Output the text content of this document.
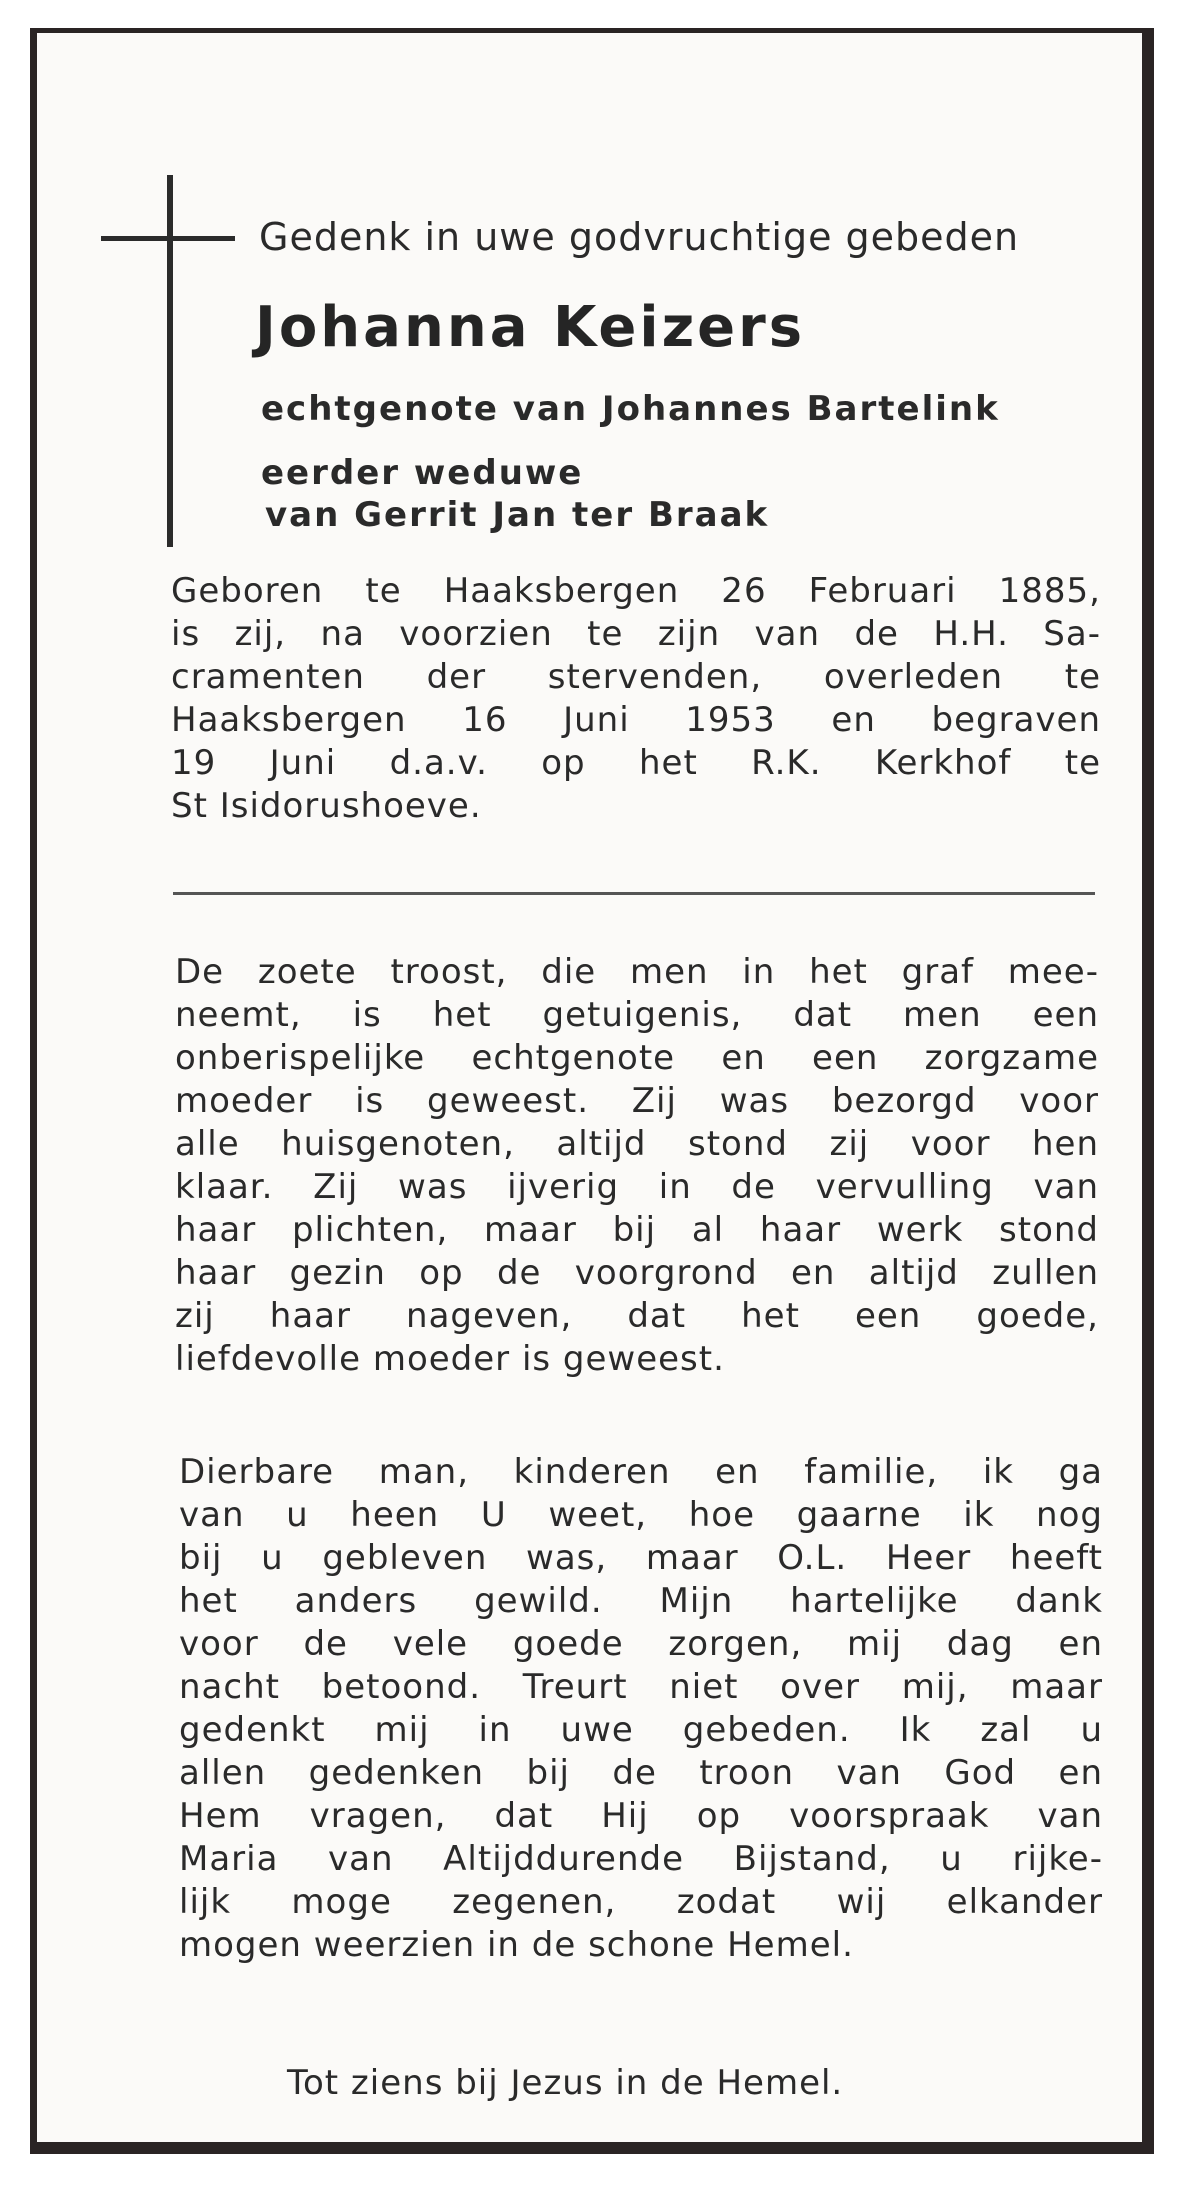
Gedenk in uwe godvruchtige gebeden

Johanna Keizers

echtgenote van Johannes Bartelink

eerder weduwe

van Gerrit Jan ter Braak

Geboren te Haaksbergen 26 Februari 1885,
is zij, na voorzien te zijn van de H.H. Sa-
cramenten der stervenden, overleden te
Haaksbergen 16 Juni 1953 en begraven
19 Juni d.a.v. op het R.K. Kerkhof te
St Isidorushoeve.
De zoete troost, die men in het graf mee-
neemt, is het getuigenis, dat men een
onberispelijke echtgenote en een zorgzame
moeder is geweest. Zij was bezorgd voor
alle huisgenoten, altijd stond zij voor hen
klaar. Zij was ijverig in de vervulling van
haar plichten, maar bij al haar werk stond
haar gezin op de voorgrond en altijd zullen
zij haar nageven, dat het een goede,
liefdevolle moeder is geweest.
Dierbare man, kinderen en familie, ik ga
van u heen U weet, hoe gaarne ik nog
bij u gebleven was, maar O.L. Heer heeft
het anders gewild. Mijn hartelijke dank
voor de vele goede zorgen, mij dag en
nacht betoond. Treurt niet over mij, maar
gedenkt mij in uwe gebeden. Ik zal u
allen gedenken bij de troon van God en
Hem vragen, dat Hij op voorspraak van
Maria van Altijddurende Bijstand, u rijke-
lijk moge zegenen, zodat wij elkander
mogen weerzien in de schone Hemel.

Tot ziens bij Jezus in de Hemel.
